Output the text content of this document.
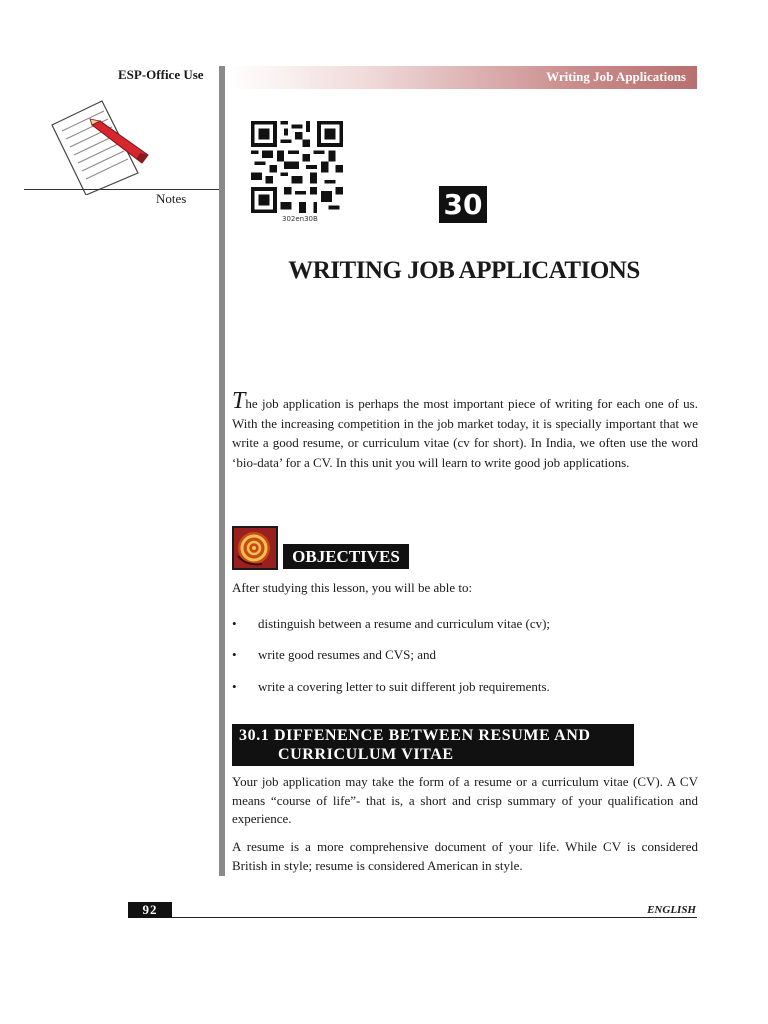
ESP-Office Use
Notes
Writing Job Applications
302en30B	30
WRITING JOB APPLICATIONS
The job application is perhaps the most important piece of writing for each one of us. With the increasing competition in the job market today, it is specially important that we write a good resume, or curriculum vitae (cv for short). In India, we often use the word ‘bio-data’ for a CV. In this unit you will learn to write good job applications.
OBJECTIVES
After studying this lesson, you will be able to:
• distinguish between a resume and curriculum vitae (cv);
• write good resumes and CVS; and
• write a covering letter to suit different job requirements.
30.1 DIFFENENCE BETWEEN RESUME AND
CURRICULUM VITAE
Your job application may take the form of a resume or a curriculum vitae (CV). A CV means “course of life”- that is, a short and crisp summary of your qualification and experience.
A resume is a more comprehensive document of your life. While CV is considered British in style; resume is considered American in style.
92	ENGLISH
